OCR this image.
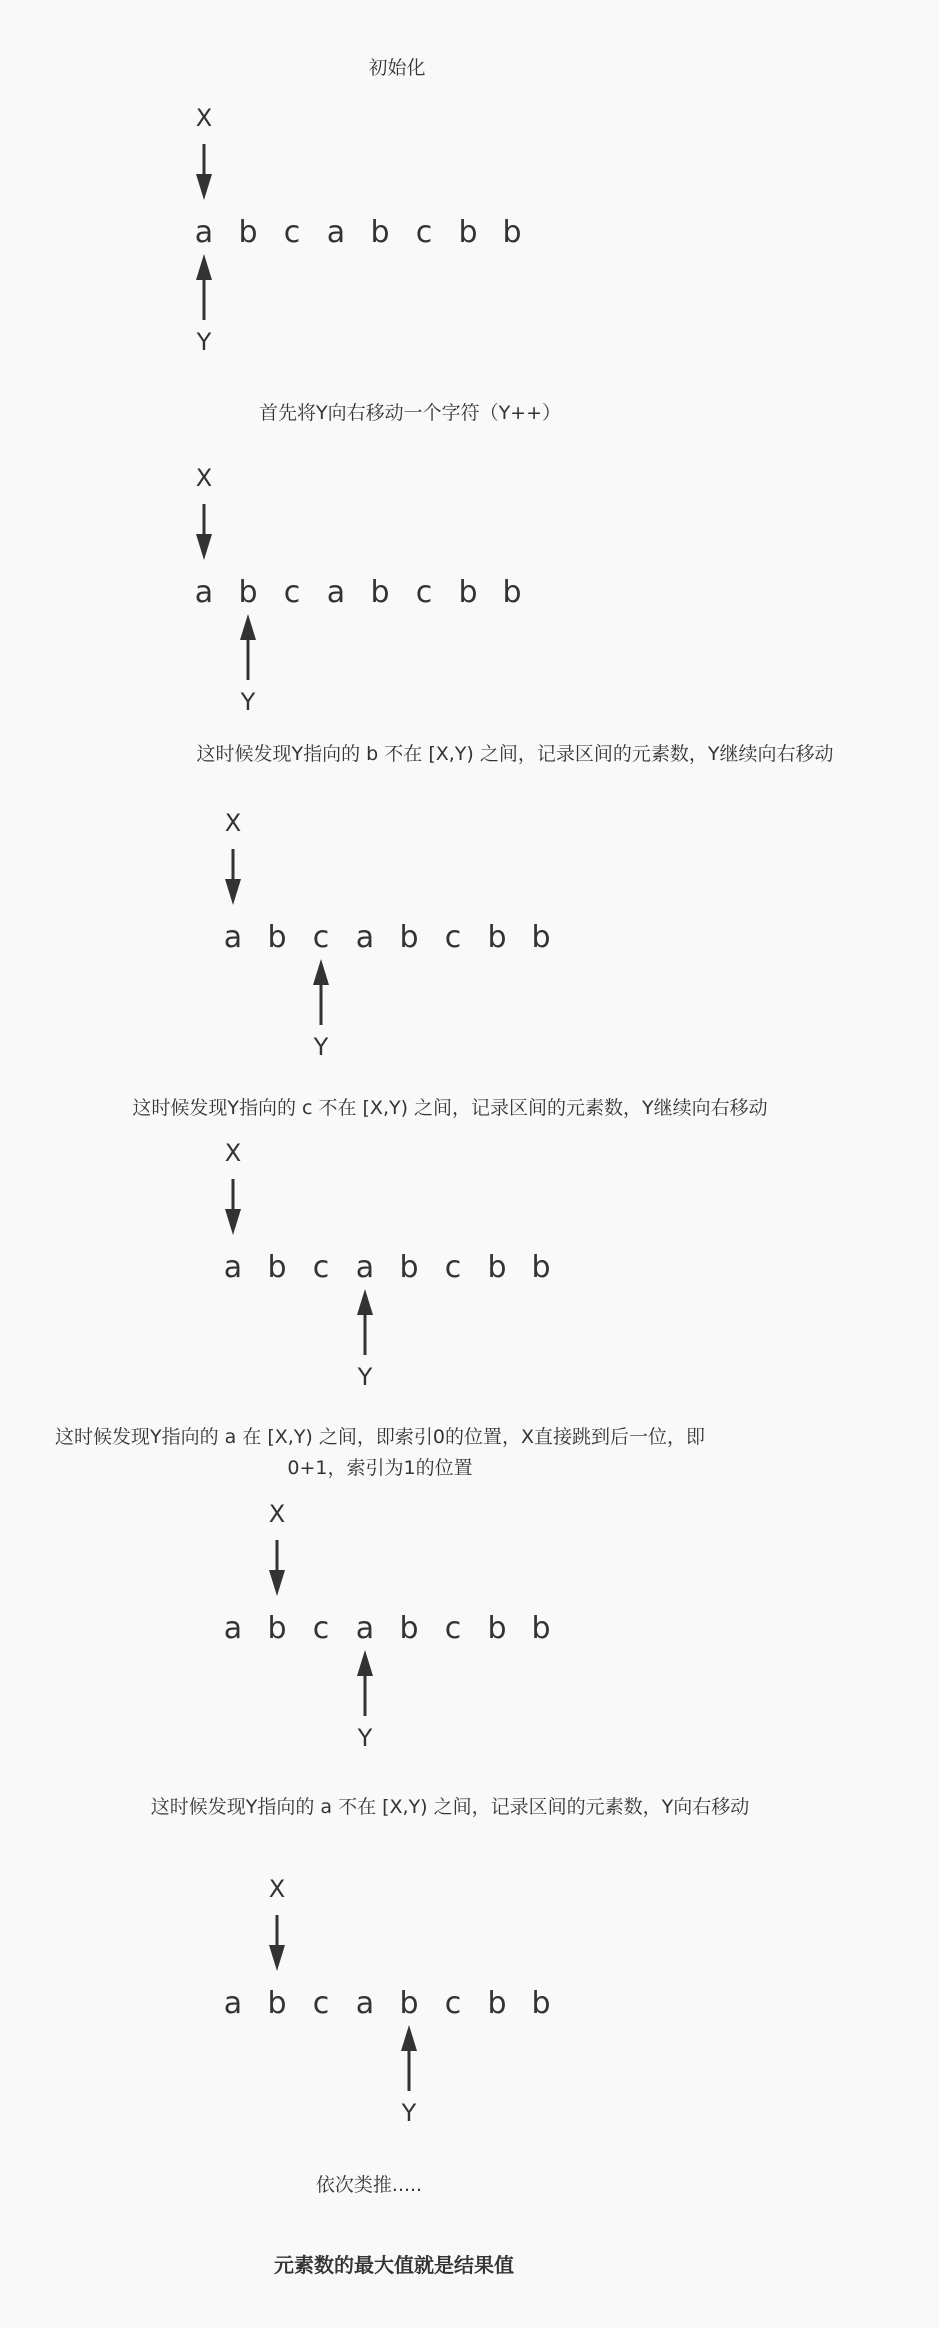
初始化
X
a b c a b c b b
Y
首先将Y向右移动一个字符（Y++）
X
a b c a b c b b
Y
这时候发现Y指向的 b 不在 [X,Y) 之间，记录区间的元素数，Y继续向右移动
X
a b c a b c b b
Y
这时候发现Y指向的 c 不在 [X,Y) 之间，记录区间的元素数，Y继续向右移动
X
a b c a b c b b
Y
这时候发现Y指向的 a 在 [X,Y) 之间，即索引0的位置，X直接跳到后一位，即0+1，索引为1的位置
X
a b c a b c b b
Y
这时候发现Y指向的 a 不在 [X,Y) 之间，记录区间的元素数，Y向右移动
X
a b c a b c b b
Y
依次类推.....
元素数的最大值就是结果值
